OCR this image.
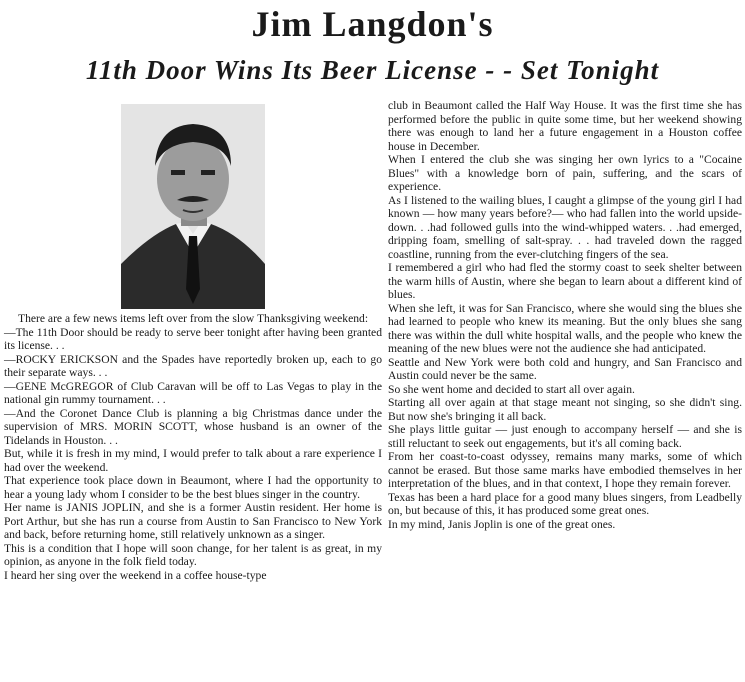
Jim Langdon's
11th Door Wins Its Beer License - - Set Tonight

There are a few news items left over from the slow Thanksgiving weekend:

—The 11th Door should be ready to serve beer tonight after having been granted its license. . .

—ROCKY ERICKSON and the Spades have reportedly broken up, each to go their separate ways. . .

—GENE McGREGOR of Club Caravan will be off to Las Vegas to play in the national gin rummy tournament. . .

—And the Coronet Dance Club is planning a big Christmas dance under the supervision of MRS. MORIN SCOTT, whose husband is an owner of the Tidelands in Houston. . .

But, while it is fresh in my mind, I would prefer to talk about a rare experience I had over the weekend.

That experience took place down in Beaumont, where I had the opportunity to hear a young lady whom I consider to be the best blues singer in the country.

Her name is JANIS JOPLIN, and she is a former Austin resident. Her home is Port Arthur, but she has run a course from Austin to San Francisco to New York and back, before returning home, still relatively unknown as a singer.

This is a condition that I hope will soon change, for her talent is as great, in my opinion, as anyone in the folk field today.

I heard her sing over the weekend in a coffee house-type

club in Beaumont called the Half Way House. It was the first time she has performed before the public in quite some time, but her weekend showing there was enough to land her a future engagement in a Houston coffee house in December.

When I entered the club she was singing her own lyrics to a "Cocaine Blues" with a knowledge born of pain, suffering, and the scars of experience.

As I listened to the wailing blues, I caught a glimpse of the young girl I had known — how many years before?— who had fallen into the world upside-down. . .had followed gulls into the wind-whipped waters. . .had emerged, dripping foam, smelling of salt-spray. . . had traveled down the ragged coastline, running from the ever-clutching fingers of the sea.

I remembered a girl who had fled the stormy coast to seek shelter between the warm hills of Austin, where she began to learn about a different kind of blues.

When she left, it was for San Francisco, where she would sing the blues she had learned to people who knew its meaning. But the only blues she sang there was within the dull white hospital walls, and the people who knew the meaning of the new blues were not the audience she had anticipated.

Seattle and New York were both cold and hungry, and San Francisco and Austin could never be the same.

So she went home and decided to start all over again.

Starting all over again at that stage meant not singing, so she didn't sing. But now she's bringing it all back.

She plays little guitar — just enough to accompany herself — and she is still reluctant to seek out engagements, but it's all coming back.

From her coast-to-coast odyssey, remains many marks, some of which cannot be erased. But those same marks have embodied themselves in her interpretation of the blues, and in that context, I hope they remain forever.

Texas has been a hard place for a good many blues singers, from Leadbelly on, but because of this, it has produced some great ones.

In my mind, Janis Joplin is one of the great ones.
